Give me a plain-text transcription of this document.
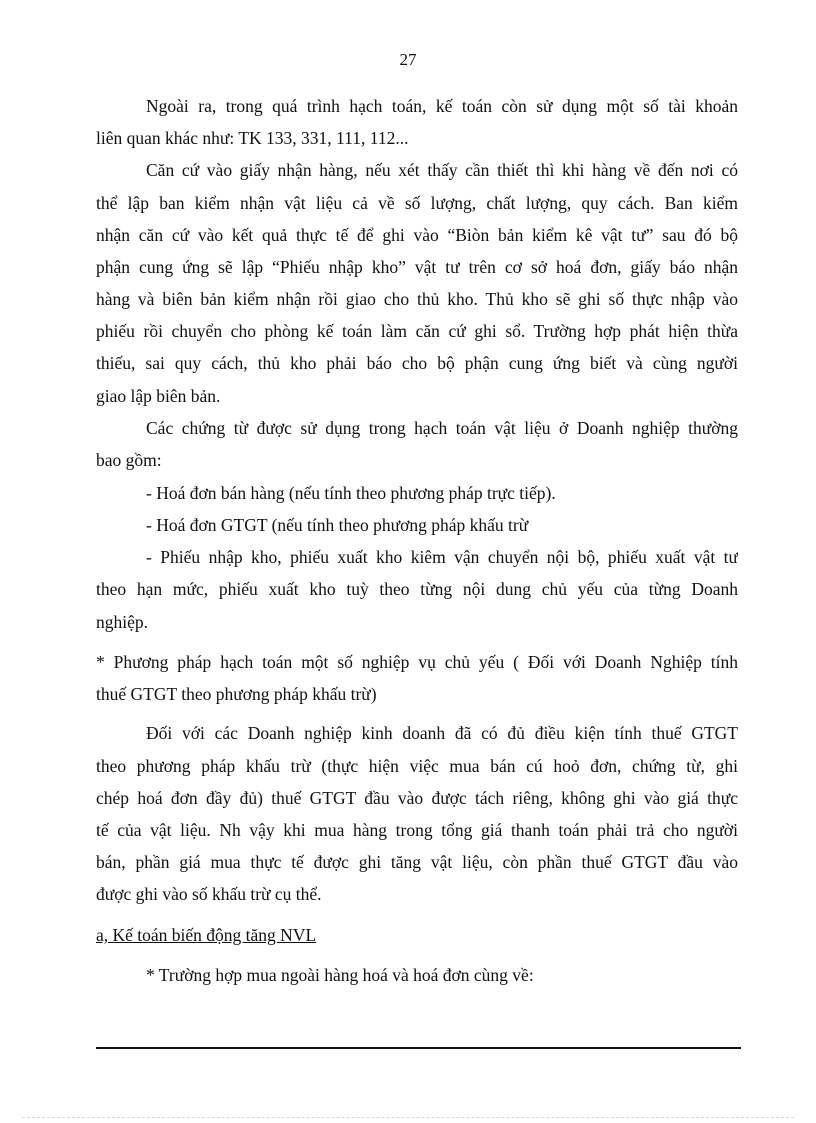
27
Ngoài ra, trong quá trình hạch toán, kế toán còn sử dụng một số tài khoản
liên quan khác như: TK 133, 331, 111, 112...
Căn cứ vào giấy nhận hàng, nếu xét thấy cần thiết thì khi hàng về đến nơi có
thể lập ban kiểm nhận vật liệu cả về số lượng, chất lượng, quy cách. Ban kiểm
nhận căn cứ vào kết quả thực tế để ghi vào “Biòn bản kiểm kê vật tư” sau đó bộ
phận cung ứng sẽ lập “Phiếu nhập kho” vật tư trên cơ sở hoá đơn, giấy báo nhận
hàng và biên bản kiểm nhận rồi giao cho thủ kho. Thủ kho sẽ ghi số thực nhập vào
phiếu rồi chuyển cho phòng kế toán làm căn cứ ghi sổ. Trường hợp phát hiện thừa
thiếu, sai quy cách, thủ kho phải báo cho bộ phận cung ứng biết và cùng người
giao lập biên bản.
Các chứng từ được sử dụng trong hạch toán vật liệu ở Doanh nghiệp thường
bao gồm:
- Hoá đơn bán hàng (nếu tính theo phương pháp trực tiếp).
- Hoá đơn GTGT (nếu tính theo phương pháp khấu trừ
- Phiếu nhập kho, phiếu xuất kho kiêm vận chuyển nội bộ, phiếu xuất vật tư
theo hạn mức, phiếu xuất kho tuỳ theo từng nội dung chủ yếu của từng Doanh
nghiệp.
* Phương pháp hạch toán một số nghiệp vụ chủ yếu ( Đối với Doanh Nghiệp tính
thuế GTGT theo phương pháp khấu trừ)
Đối với các Doanh nghiệp kinh doanh đã có đủ điều kiện tính thuế GTGT
theo phương pháp khấu trừ (thực hiện việc mua bán cú hoỏ đơn, chứng từ, ghi
chép hoá đơn đầy đủ) thuế GTGT đầu vào được tách riêng, không ghi vào giá thực
tế của vật liệu. Nh vậy khi mua hàng trong tổng giá thanh toán phải trả cho người
bán, phần giá mua thực tế được ghi tăng vật liệu, còn phần thuế GTGT đầu vào
được ghi vào số khấu trừ cụ thể.
a, Kế toán biến động tăng NVL
* Trường hợp mua ngoài hàng hoá và hoá đơn cùng về:
